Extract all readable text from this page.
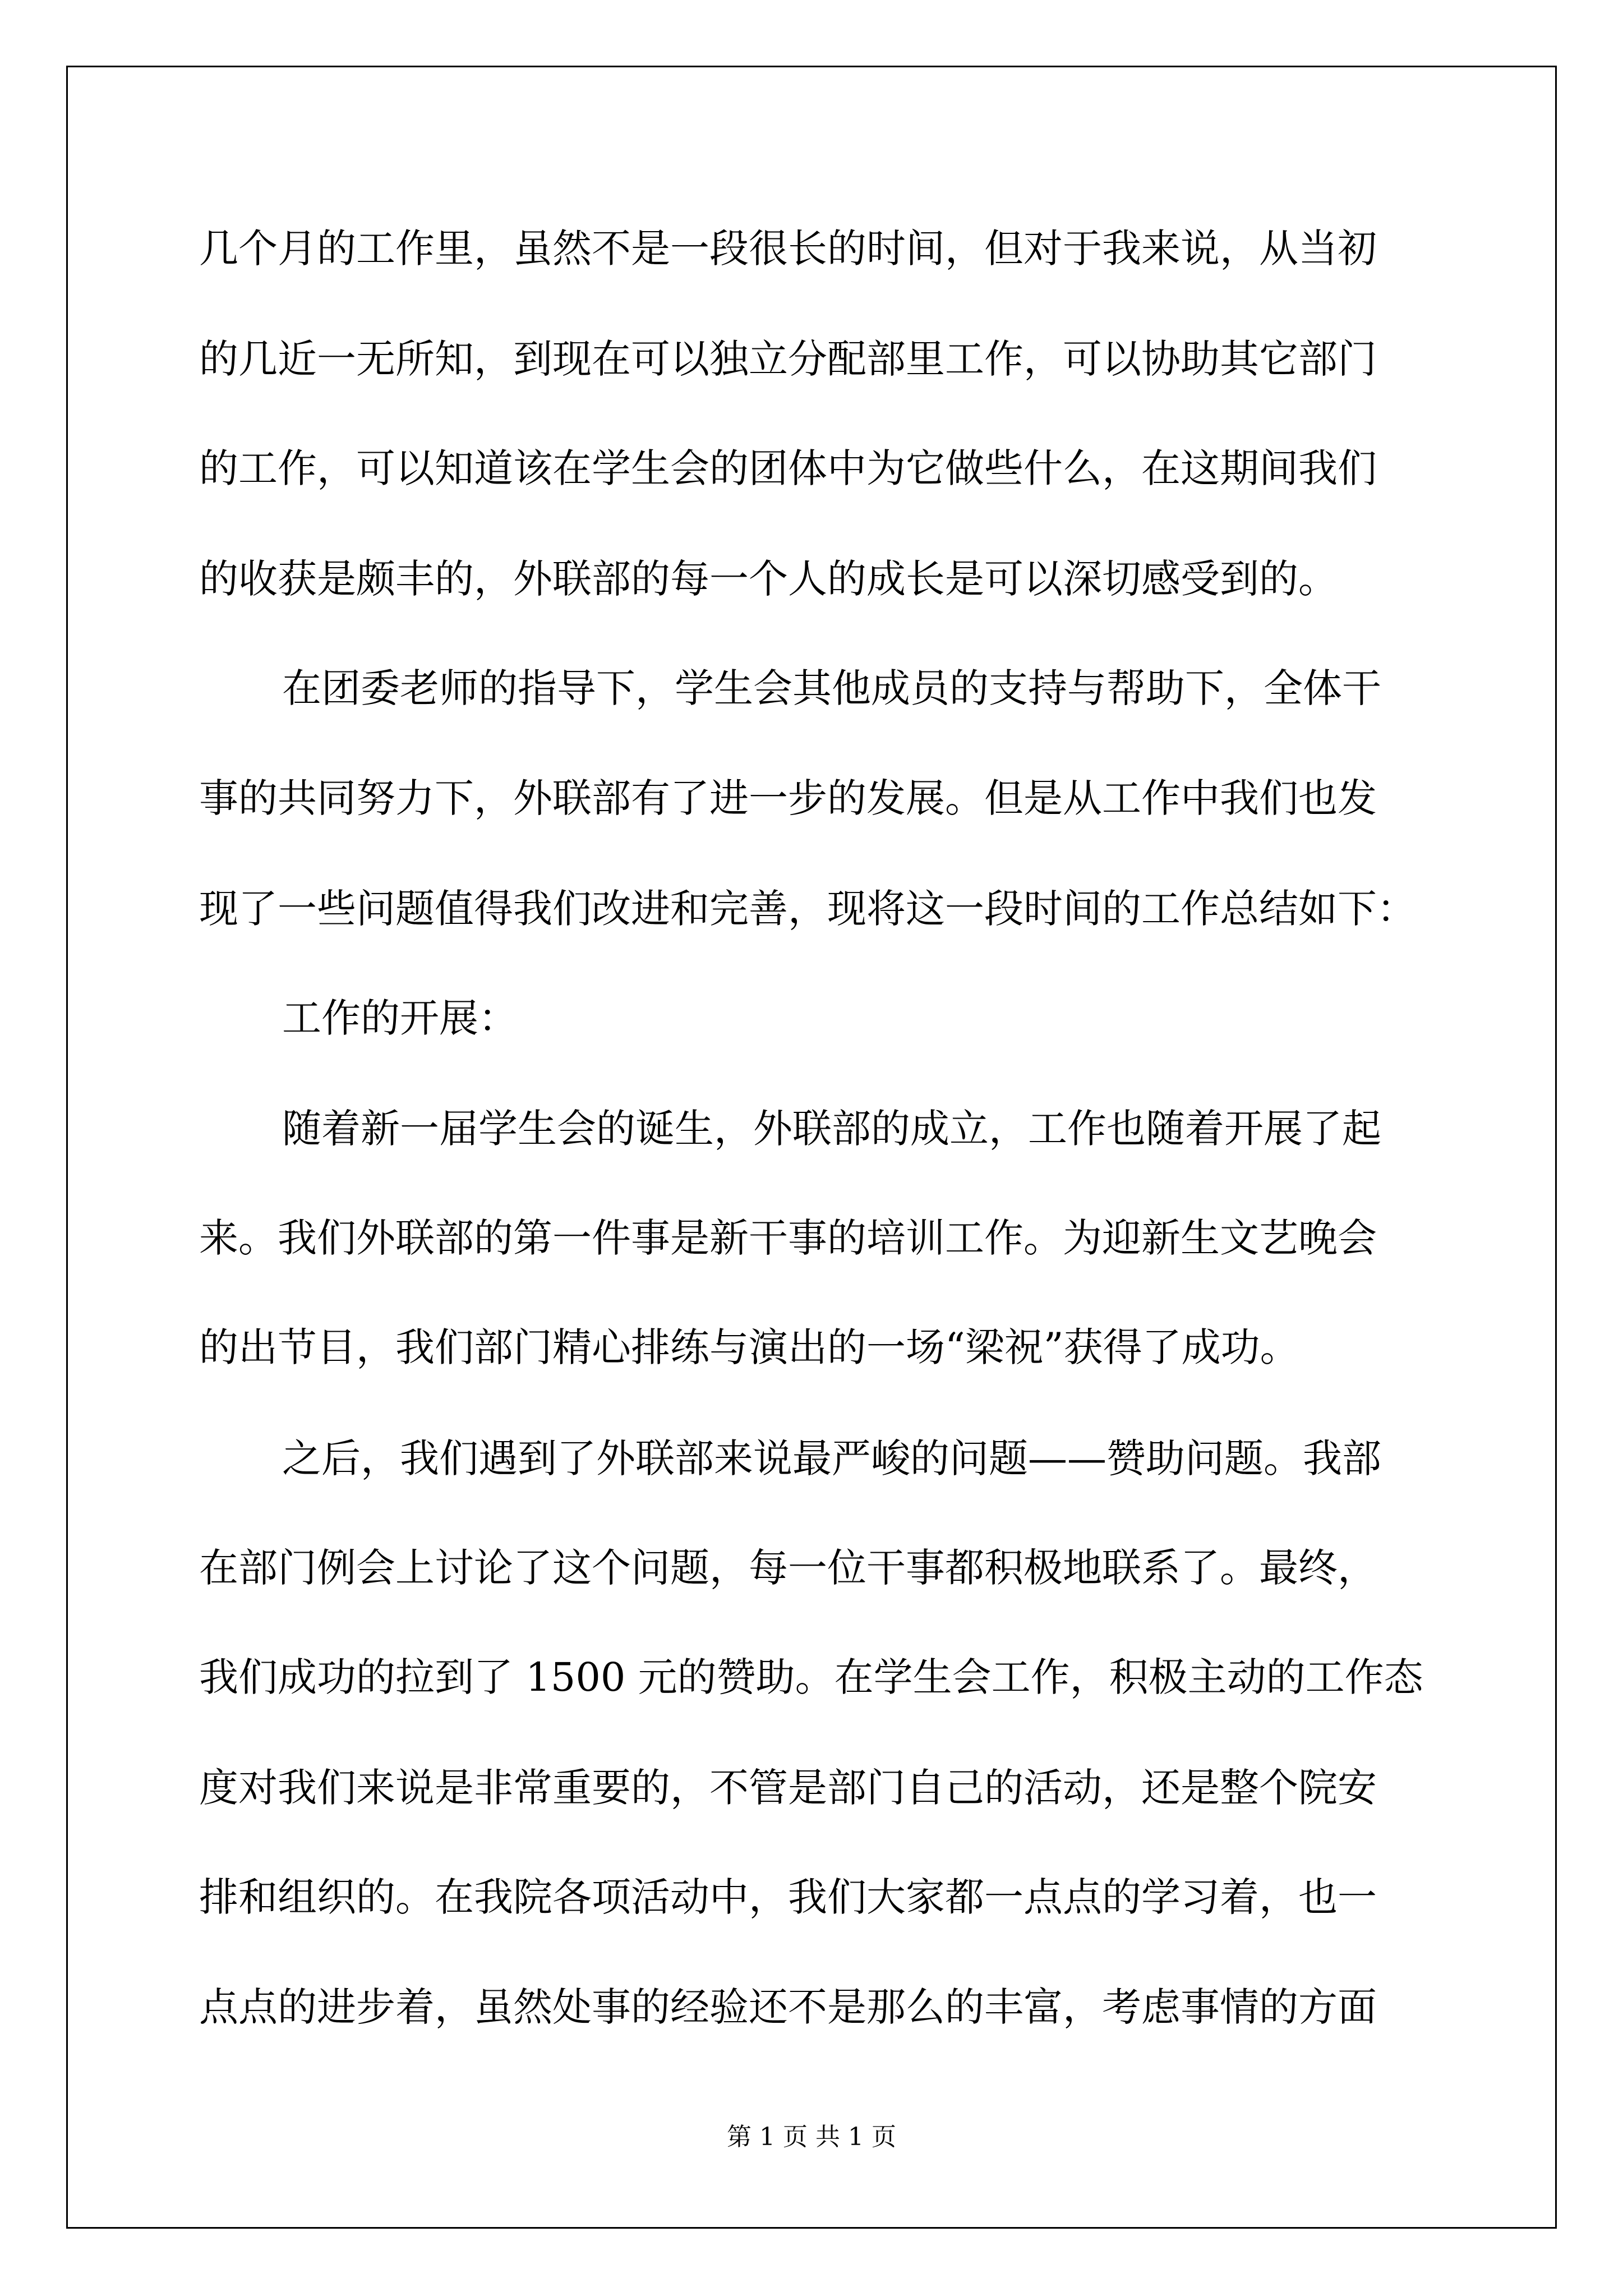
几个月的工作里，虽然不是一段很长的时间，但对于我来说，从当初
的几近一无所知，到现在可以独立分配部里工作，可以协助其它部门
的工作，可以知道该在学生会的团体中为它做些什么，在这期间我们
的收获是颇丰的，外联部的每一个人的成长是可以深切感受到的。
在团委老师的指导下，学生会其他成员的支持与帮助下，全体干
事的共同努力下，外联部有了进一步的发展。但是从工作中我们也发
现了一些问题值得我们改进和完善，现将这一段时间的工作总结如下：
工作的开展：
随着新一届学生会的诞生，外联部的成立，工作也随着开展了起
来。我们外联部的第一件事是新干事的培训工作。为迎新生文艺晚会
的出节目，我们部门精心排练与演出的一场“梁祝”获得了成功。
之后，我们遇到了外联部来说最严峻的问题——赞助问题。我部
在部门例会上讨论了这个问题，每一位干事都积极地联系了。最终，
我们成功的拉到了 1500 元的赞助。在学生会工作，积极主动的工作态
度对我们来说是非常重要的，不管是部门自己的活动，还是整个院安
排和组织的。在我院各项活动中，我们大家都一点点的学习着，也一
点点的进步着，虽然处事的经验还不是那么的丰富，考虑事情的方面
第 1 页 共 1 页
